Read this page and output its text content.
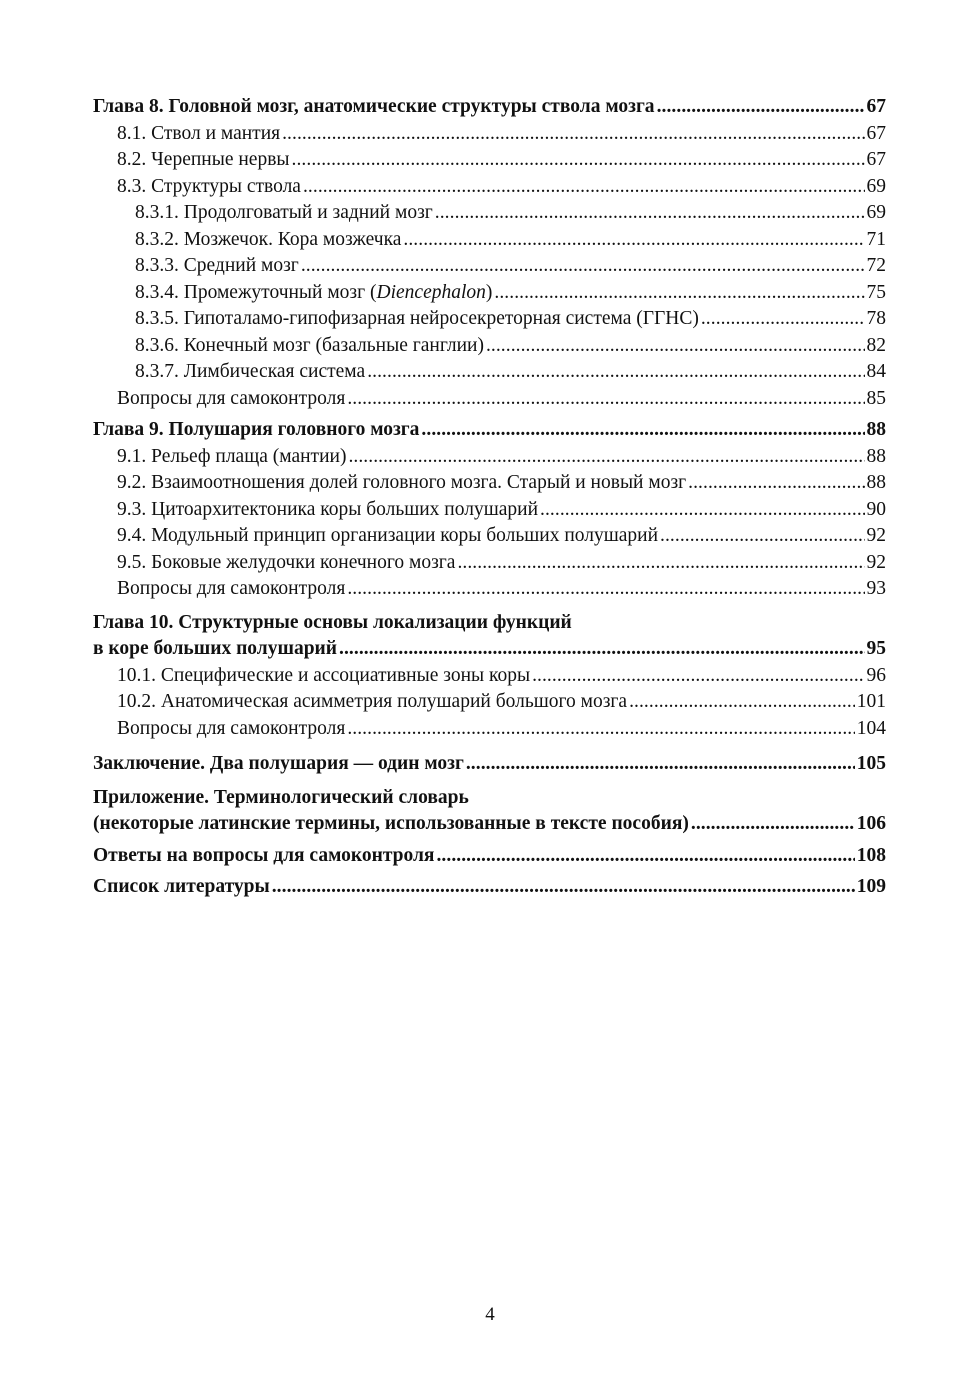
Глава 8. Головной мозг, анатомические структуры ствола мозга . . .	67
8.1. Ствол и мантия . . .	67
8.2. Черепные нервы . . .	67
8.3. Структуры ствола . . .	69
8.3.1. Продолговатый и задний мозг . . .	69
8.3.2. Мозжечок. Кора мозжечка . . .	71
8.3.3. Средний мозг . . .	72
8.3.4. Промежуточный мозг (Diencephalon) . . .	75
8.3.5. Гипоталамо-гипофизарная нейросекреторная система (ГГНС) . . .	78
8.3.6. Конечный мозг (базальные ганглии) . . .	82
8.3.7. Лимбическая система . . .	84
Вопросы для самоконтроля . . .	85
Глава 9. Полушария головного мозга . . .	88
9.1. Рельеф плаща (мантии) . . .	88
9.2. Взаимоотношения долей головного мозга. Старый и новый мозг . . .	88
9.3. Цитоархитектоника коры больших полушарий . . .	90
9.4. Модульный принцип организации коры больших полушарий . . .	92
9.5. Боковые желудочки конечного мозга . . .	92
Вопросы для самоконтроля . . .	93
Глава 10. Структурные основы локализации функций
в коре больших полушарий . . .	95
10.1. Специфические и ассоциативные зоны коры . . .	96
10.2. Анатомическая асимметрия полушарий большого мозга . . .	101
Вопросы для самоконтроля . . .	104
Заключение. Два полушария — один мозг . . .	105
Приложение. Терминологический словарь
(некоторые латинские термины, использованные в тексте пособия) . . .	106
Ответы на вопросы для самоконтроля . . .	108
Список литературы . . .	109
4
